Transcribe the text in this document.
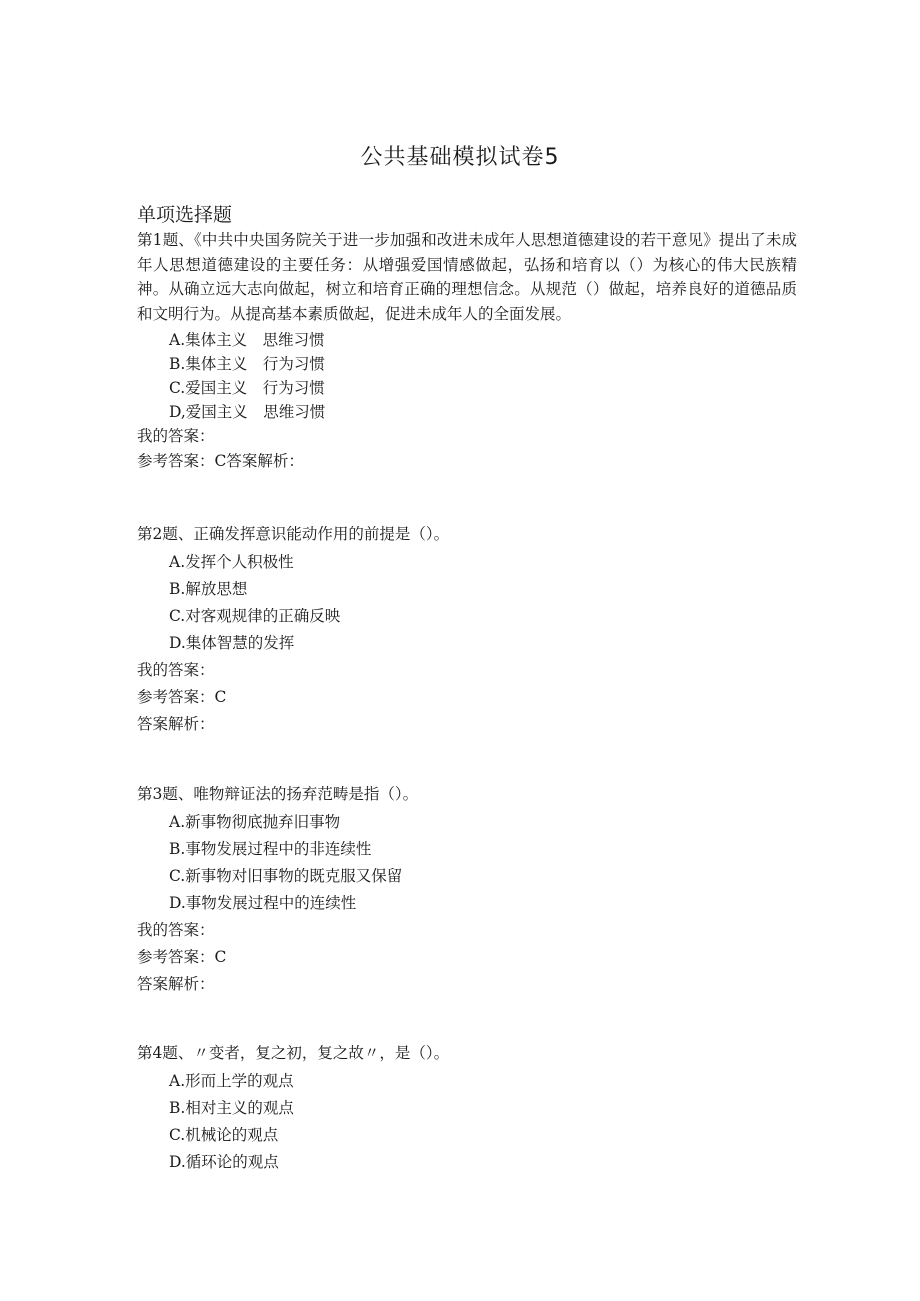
公共基础模拟试卷5
单项选择题

第1题、《中共中央国务院关于进一步加强和改进未成年人思想道德建设的若干意见》提出了未成年人思想道德建设的主要任务：从增强爱国情感做起，弘扬和培育以（）为核心的伟大民族精神。从确立远大志向做起，树立和培育正确的理想信念。从规范（）做起，培养良好的道德品质和文明行为。从提高基本素质做起，促进未成年人的全面发展。

A.集体主义　思维习惯
B.集体主义　行为习惯
C.爱国主义　行为习惯
D,爱国主义　思维习惯

我的答案：

参考答案：C答案解析：

第2题、正确发挥意识能动作用的前提是（）。

A.发挥个人积极性
B.解放思想
C.对客观规律的正确反映
D.集体智慧的发挥

我的答案：

参考答案：C

答案解析：

第3题、唯物辩证法的扬弃范畴是指（）。

A.新事物彻底抛弃旧事物
B.事物发展过程中的非连续性
C.新事物对旧事物的既克服又保留
D.事物发展过程中的连续性

我的答案：

参考答案：C

答案解析：

第4题、〃变者，复之初，复之故〃，是（）。

A.形而上学的观点
B.相对主义的观点
C.机械论的观点
D.循环论的观点
